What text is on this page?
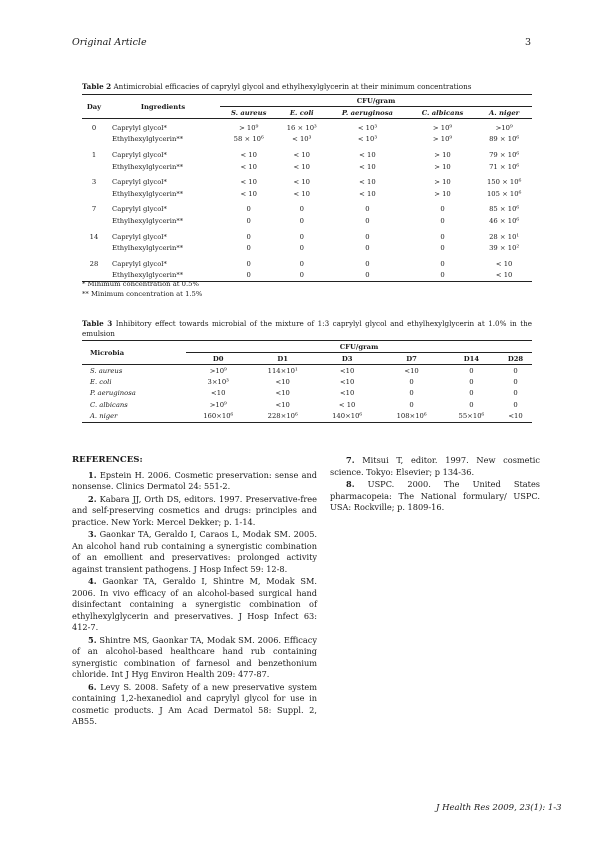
Original Article	3
Table 2 Antimicrobial efficacies of caprylyl glycol and ethylhexylglycerin at their minimum concentrations
Day	Ingredients	CFU/gram				
		S. aureus	E. coli	P. aeruginosa	C. albicans	A. niger
0	Caprylyl glycol*	> 10⁹	16 × 10³	< 10³	> 10⁹	>10⁹
	Ethylhexylglycerin**	58 × 10⁶	< 10³	< 10³	> 10⁹	89 × 10⁶

1	Caprylyl glycol*	< 10	< 10	< 10	> 10	79 × 10⁶
	Ethylhexylglycerin**	< 10	< 10	< 10	> 10	71 × 10⁶

3	Caprylyl glycol*	< 10	< 10	< 10	> 10	150 × 10⁶
	Ethylhexylglycerin**	< 10	< 10	< 10	> 10	105 × 10⁶

7	Caprylyl glycol*	0	0	0	0	85 × 10⁶
	Ethylhexylglycerin**	0	0	0	0	46 × 10⁶

14	Caprylyl glycol*	0	0	0	0	28 × 10¹
	Ethylhexylglycerin**	0	0	0	0	39 × 10²

28	Caprylyl glycol*	0	0	0	0	< 10
	Ethylhexylglycerin**	0	0	0	0	< 10
* Minimum concentration at 0.5%
** Minimum concentration at 1.5%
Table 3 Inhibitory effect towards microbial of the mixture of 1:3 caprylyl glycol and ethylhexylglycerin at 1.0% in the emulsion
Microbia	CFU/gram					
	D0	D1	D3	D7	D14	D28
S. aureus	>10⁹	114×10¹	<10	<10	0	0
E. coli	3×10³	<10	<10	0	0	0
P. aeruginosa	<10	<10	<10	0	0	0
C. albicans	>10⁹	<10	< 10	0	0	0
A. niger	160×10⁶	228×10⁶	140×10⁶	108×10⁶	55×10⁶	<10
REFERENCES:

1. Epstein H. 2006. Cosmetic preservation: sense and nonsense. Clinics Dermatol 24: 551-2.

2. Kabara JJ, Orth DS, editors. 1997. Preservative-free and self-preserving cosmetics and drugs: principles and practice. New York: Mercel Dekker; p. 1-14.

3. Gaonkar TA, Geraldo I, Caraos L, Modak SM. 2005. An alcohol hand rub containing a synergistic combination of an emollient and preservatives: prolonged activity against transient pathogens. J Hosp Infect 59: 12-8.

4. Gaonkar TA, Geraldo I, Shintre M, Modak SM. 2006. In vivo efficacy of an alcohol-based surgical hand disinfectant containing a synergistic combination of ethylhexylglycerin and preservatives. J Hosp Infect 63: 412-7.

5. Shintre MS, Gaonkar TA, Modak SM. 2006. Efficacy of an alcohol-based healthcare hand rub containing synergistic combination of farnesol and benzethonium chloride. Int J Hyg Environ Health 209: 477-87.

6. Levy S. 2008. Safety of a new preservative system containing 1,2-hexanediol and caprylyl glycol for use in cosmetic products. J Am Acad Dermatol 58: Suppl. 2, AB55.

7. Mitsui T, editor. 1997. New cosmetic science. Tokyo: Elsevier; p 134-36.

8. USPC. 2000. The United States pharmacopeia: The National formulary/ USPC. USA: Rockville; p. 1809-16.

J Health Res 2009, 23(1): 1-3
